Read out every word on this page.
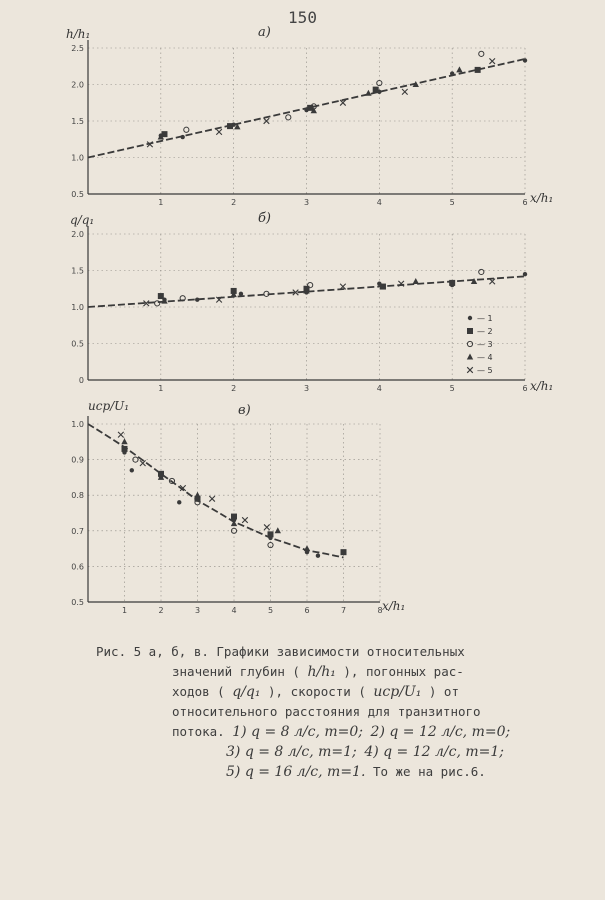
150
1	2	3	4	5	6
0.5
1.0
1.5
2.0
2.5
h/h₁
x/h₁
а)
1	2	3	4	5	6
0
0.5
1.0
1.5
2.0
q/q₁
x/h₁
б)
— 1
— 2
— 3
— 4
— 5
1	2	3	4	5	6	7	8
0.5
0.6
0.7
0.8
0.9
1.0
uср/U₁
x/h₁
в)
Рис. 5 а, б, в. Графики зависимости относительных
значений глубин ( h/h₁ ), погонных рас-
ходов ( q/q₁ ), скорости ( uср/U₁ ) от
относительного расстояния для транзитного
потока. 1) q = 8 л/с, m=0; 2) q = 12 л/с, m=0;
3) q = 8 л/с, m=1; 4) q = 12 л/с, m=1;
5) q = 16 л/с, m=1. То же на рис.6.
